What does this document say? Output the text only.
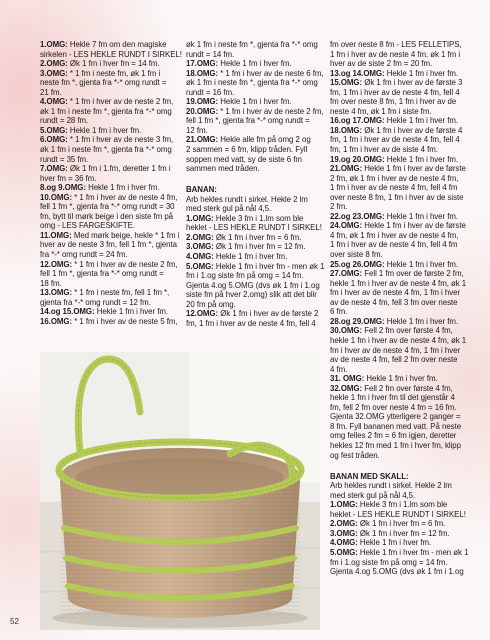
1.OMG: Hekle 7 fm om den magiske
sirkelen - LES HEKLE RUNDT I SIRKEL!
2.OMG: Øk 1 fm i hver fm = 14 fm.
3.OMG: * 1 fm i neste fm, øk 1 fm i
neste fm *, gjenta fra *-* omg rundt =
21 fm.
4.OMG: * 1 fm i hver av de neste 2 fm,
øk 1 fm i neste fm *, gjenta fra *-* omg
rundt = 28 fm.
5.OMG: Hekle 1 fm i hver fm.
6.OMG: * 1 fm i hver av de neste 3 fm,
øk 1 fm i neste fm *, gjenta fra *-* omg
rundt = 35 fm.
7.OMG: Øk 1 fm i 1.fm, deretter 1 fm i
hver fm = 36 fm.
8.og 9.OMG: Hekle 1 fm i hver fm.
10.OMG: * 1 fm i hver av de neste 4 fm,
fell 1 fm *, gjenta fra *-* omg rundt = 30
fm, bytt til mørk beige i den siste fm på
omg - LES FARGESKIFTE.
11.OMG: Med mørk beige, hekle * 1 fm i
hver av de neste 3 fm, fell 1 fm *, gjenta
fra *-* omg rundt = 24 fm.
12.OMG: * 1 fm i hver av de neste 2 fm,
fell 1 fm *, gjenta fra *-* omg rundt =
18 fm.
13.OMG: * 1 fm i neste fm, fell 1 fm *,
gjenta fra *-* omg rundt = 12 fm.
14.og 15.OMG: Hekle 1 fm i hver fm.
16.OMG: * 1 fm i hver av de neste 5 fm,
øk 1 fm i neste fm *, gjenta fra *-* omg
rundt = 14 fm.
17.OMG: Hekle 1 fm i hver fm.
18.OMG: * 1 fm i hver av de neste 6 fm,
øk 1 fm i neste fm *, gjenta fra *-* omg
rundt = 16 fm.
19.OMG: Hekle 1 fm i hver fm.
20.OMG: * 1 fm i hver av de neste 2 fm,
fell 1 fm *, gjenta fra *-* omg rundt =
12 fm.
21.OMG: Hekle alle fm på omg 2 og
2 sammen = 6 fm, klipp tråden. Fyll
soppen med vatt, sy de siste 6 fm
sammen med tråden.
BANAN:
Arb hekles rundt i sirkel. Hekle 2 lm
med sterk gul på nål 4,5.
1.OMG: Hekle 3 fm i 1.lm som ble
heklet - LES HEKLE RUNDT I SIRKEL!
2.OMG: Øk 1 fm i hver fm = 6 fm.
3.OMG: Øk 1 fm i hver fm = 12 fm.
4.OMG: Hekle 1 fm i hver fm.
5.OMG: Hekle 1 fm i hver fm - men øk 1
fm i 1.og siste fm på omg = 14 fm.
Gjenta 4.og 5.OMG (dvs øk 1 fm i 1.og
siste fm på hver 2.omg) slik att det blir
20 fm på omg.
12.OMG: Øk 1 fm i hver av de første 2
fm, 1 fm i hver av de neste 4 fm, fell 4
fm over neste 8 fm - LES FELLETIPS,
1 fm i hver av de neste 4 fm, øk 1 fm i
hver av de siste 2 fm = 20 fm.
13.og 14.OMG: Hekle 1 fm i hver fm.
15.OMG: Øk 1 fm i hver av de første 3
fm, 1 fm i hver av de neste 4 fm, fell 4
fm over neste 8 fm, 1 fm i hver av de
neste 4 fm, øk 1 fm i siste fm.
16.og 17.OMG: Hekle 1 fm i hver fm.
18.OMG: Øk 1 fm i hver av de første 4
fm, 1 fm i hver av de neste 4 fm, fell 4
fm, 1 fm i hver av de siste 4 fm.
19.og 20.OMG: Hekle 1 fm i hver fm.
21.OMG: Hekle 1 fm i hver av de første
2 fm, øk 1 fm i hver av de neste 4 fm,
1 fm i hver av de neste 4 fm, fell 4 fm
over neste 8 fm, 1 fm i hver av de siste
2 fm.
22.og 23.OMG: Hekle 1 fm i hver fm.
24.OMG: Hekle 1 fm i hver av de første
4 fm, øk 1 fm i hver av de neste 4 fm,
1 fm i hver av de neste 4 fm, fell 4 fm
over siste 8 fm.
25.og 26.OMG: Hekle 1 fm i hver fm.
27.OMG: Fell 1 fm over de første 2 fm,
hekle 1 fm i hver av de neste 4 fm, øk 1
fm i hver av de neste 4 fm, 1 fm i hver
av de neste 4 fm, fell 3 fm over neste
6 fm.
28.og 29.OMG: Hekle 1 fm i hver fm.
30.OMG: Fell 2 fm over første 4 fm,
hekle 1 fm i hver av de neste 4 fm, øk 1
fm i hver av de neste 4 fm, 1 fm i hver
av de neste 4 fm, fell 2 fm over neste
4 fm.
31. OMG: Hekle 1 fm i hver fm.
32.OMG: Fell 2 fm over første 4 fm,
hekle 1 fm i hver fm til det gjenstår 4
fm, fell 2 fm over neste 4 fm = 16 fm.
Gjenta 32.OMG ytterligere 2 ganger =
8 fm. Fyll bananen med vatt. På neste
omg felles 2 fm = 6 fm igjen, deretter
hekles 12 fm med 1 fm i hver fm, klipp
og fest tråden.
BANAN MED SKALL:
Arb hekles rundt i sirkel. Hekle 2 lm
med sterk gul på nål 4,5.
1.OMG: Hekle 3 fm i 1.lm som ble
heklet - LES HEKLE RUNDT I SIRKEL!
2.OMG: Øk 1 fm i hver fm = 6 fm.
3.OMG: Øk 1 fm i hver fm = 12 fm.
4.OMG: Hekle 1 fm i hver fm.
5.OMG: Hekle 1 fm i hver fm - men øk 1
fm i 1.og siste fm på omg = 14 fm.
Gjenta 4.og 5.OMG (dvs øk 1 fm i 1.og
52
